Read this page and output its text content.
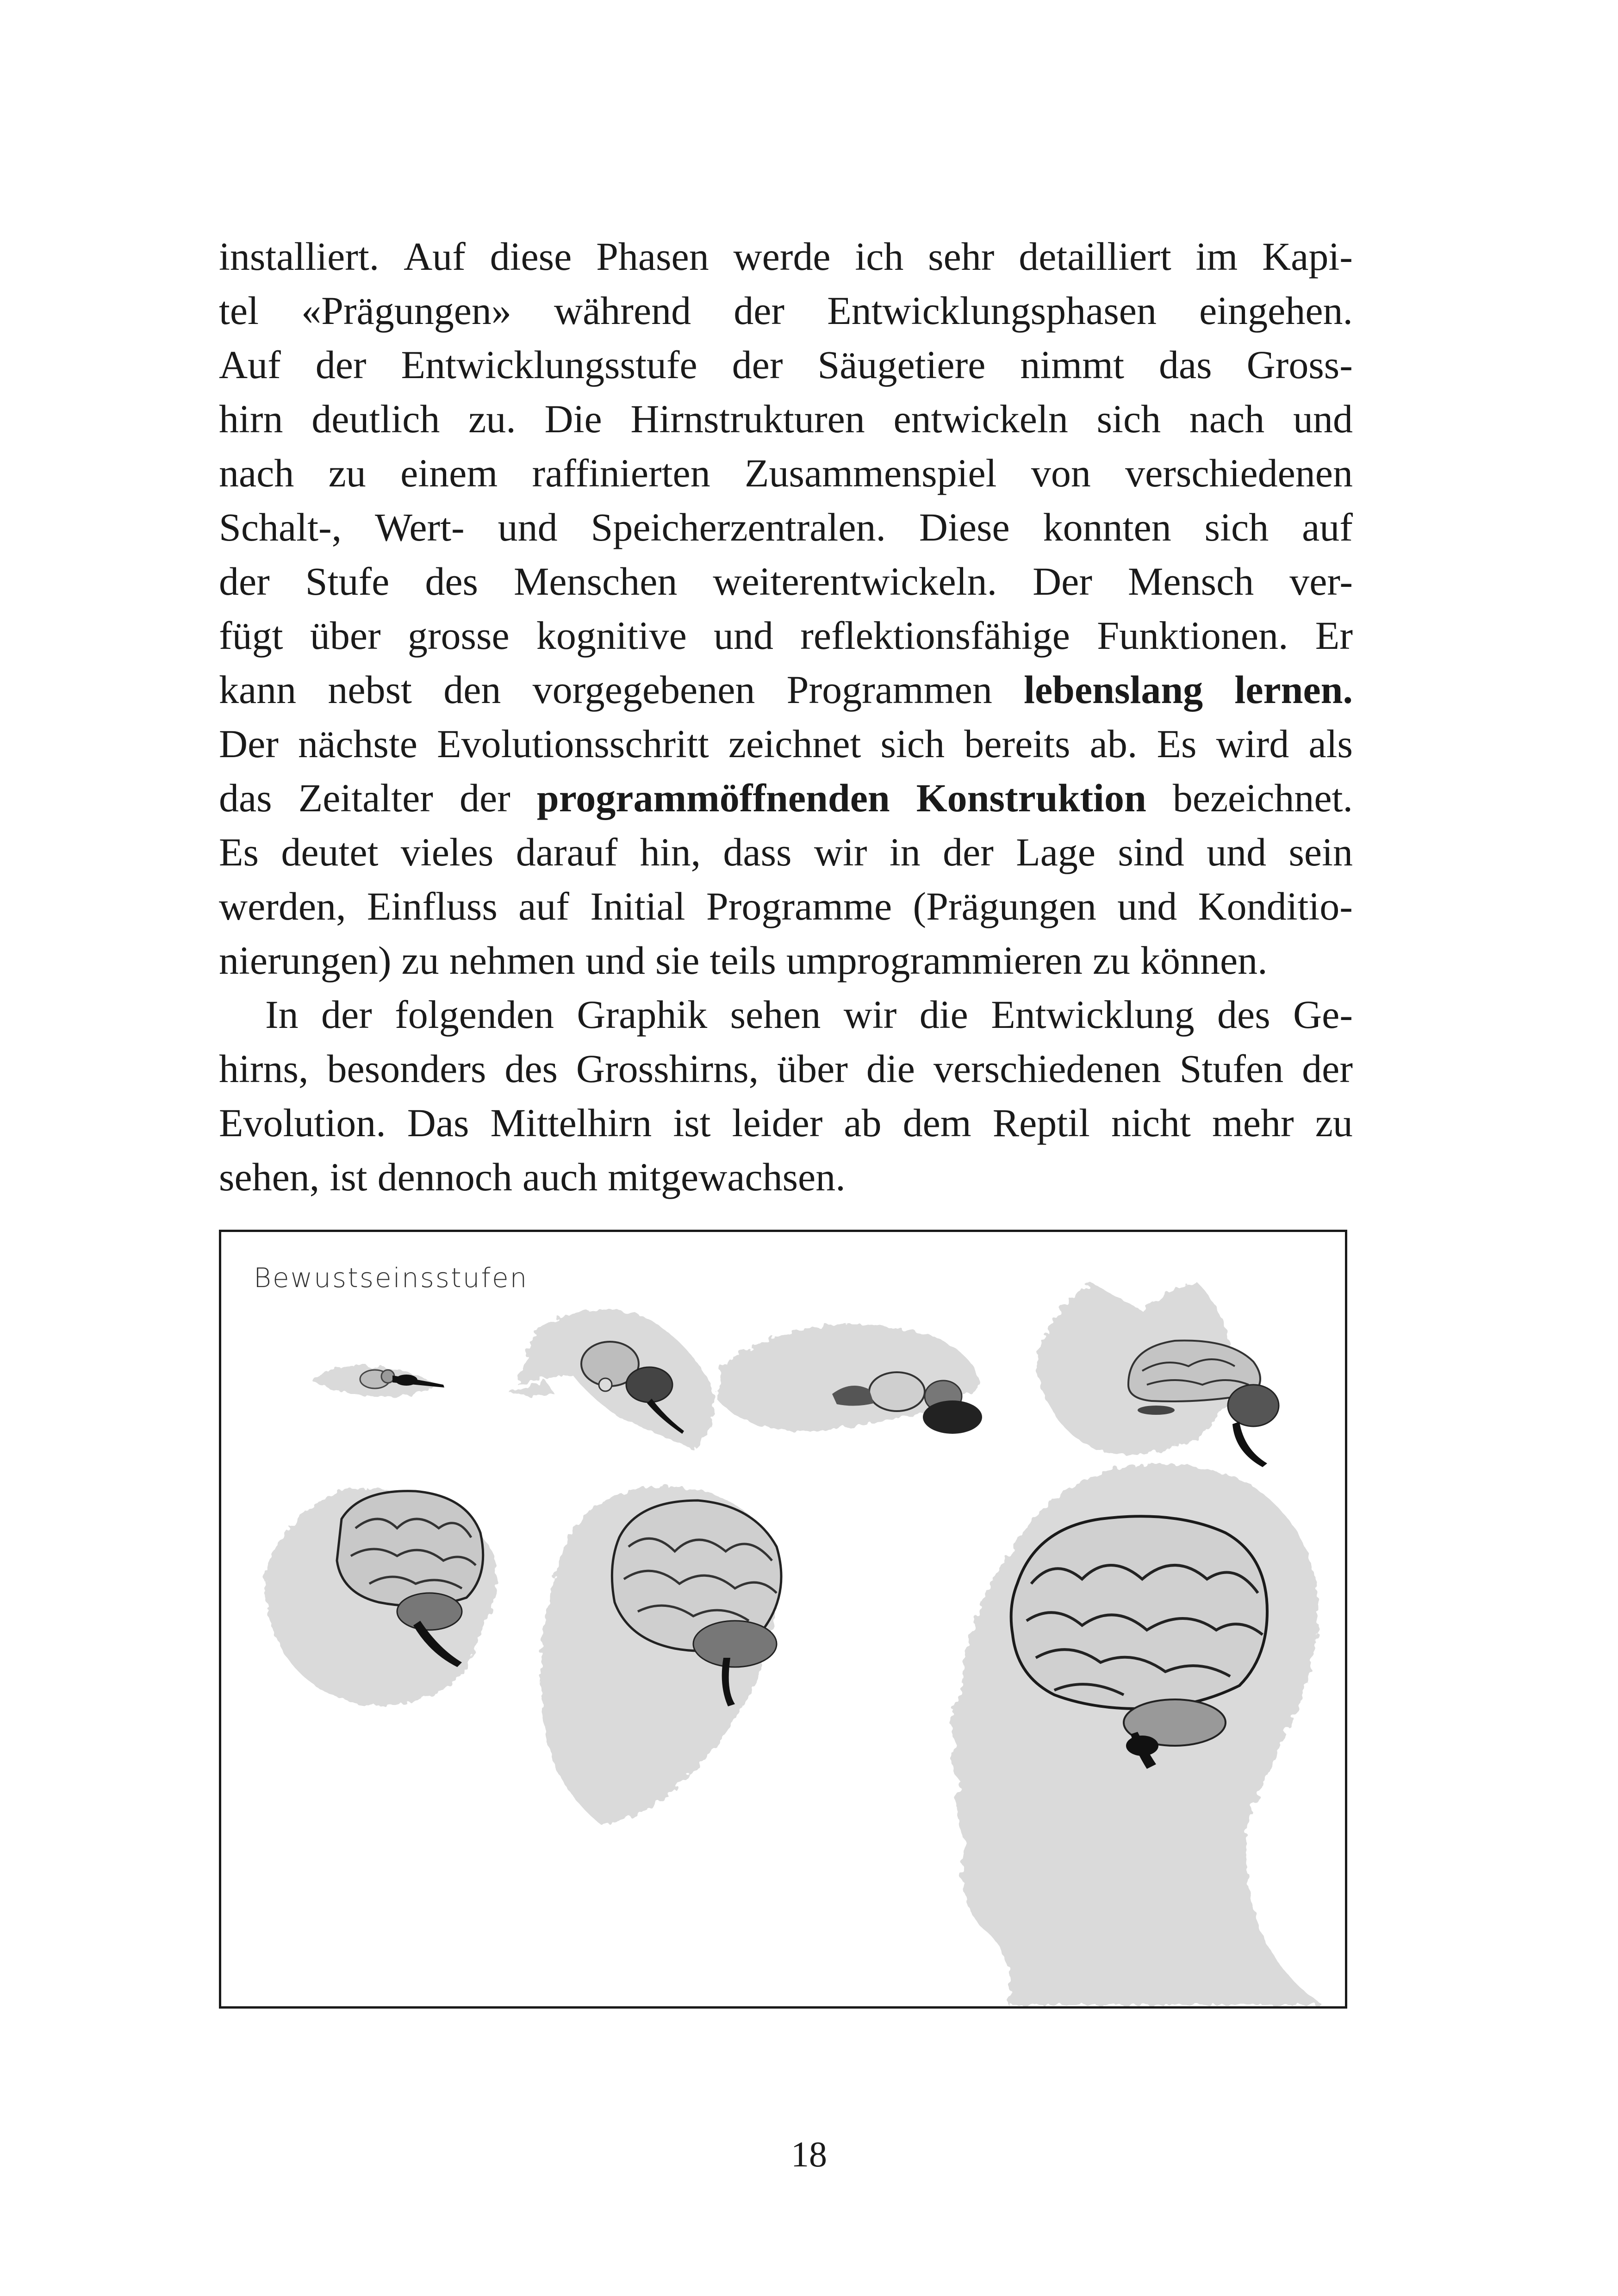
installiert. Auf diese Phasen werde ich sehr detailliert im Kapi-
tel «Prägungen» während der Entwicklungsphasen eingehen.
Auf der Entwicklungsstufe der Säugetiere nimmt das Gross-
hirn deutlich zu. Die Hirnstrukturen entwickeln sich nach und
nach zu einem raffinierten Zusammenspiel von verschiedenen
Schalt-, Wert- und Speicherzentralen. Diese konnten sich auf
der Stufe des Menschen weiterentwickeln. Der Mensch ver-
fügt über grosse kognitive und reflektionsfähige Funktionen. Er
kann nebst den vorgegebenen Programmen lebenslang lernen.
Der nächste Evolutionsschritt zeichnet sich bereits ab. Es wird als
das Zeitalter der programmöffnenden Konstruktion bezeichnet.
Es deutet vieles darauf hin, dass wir in der Lage sind und sein
werden, Einfluss auf Initial Programme (Prägungen und Konditio-
nierungen) zu nehmen und sie teils umprogrammieren zu können.
In der folgenden Graphik sehen wir die Entwicklung des Ge-
hirns, besonders des Grosshirns, über die verschiedenen Stufen der
Evolution. Das Mittelhirn ist leider ab dem Reptil nicht mehr zu
sehen, ist dennoch auch mitgewachsen.
Bewustseinsstufen
18
